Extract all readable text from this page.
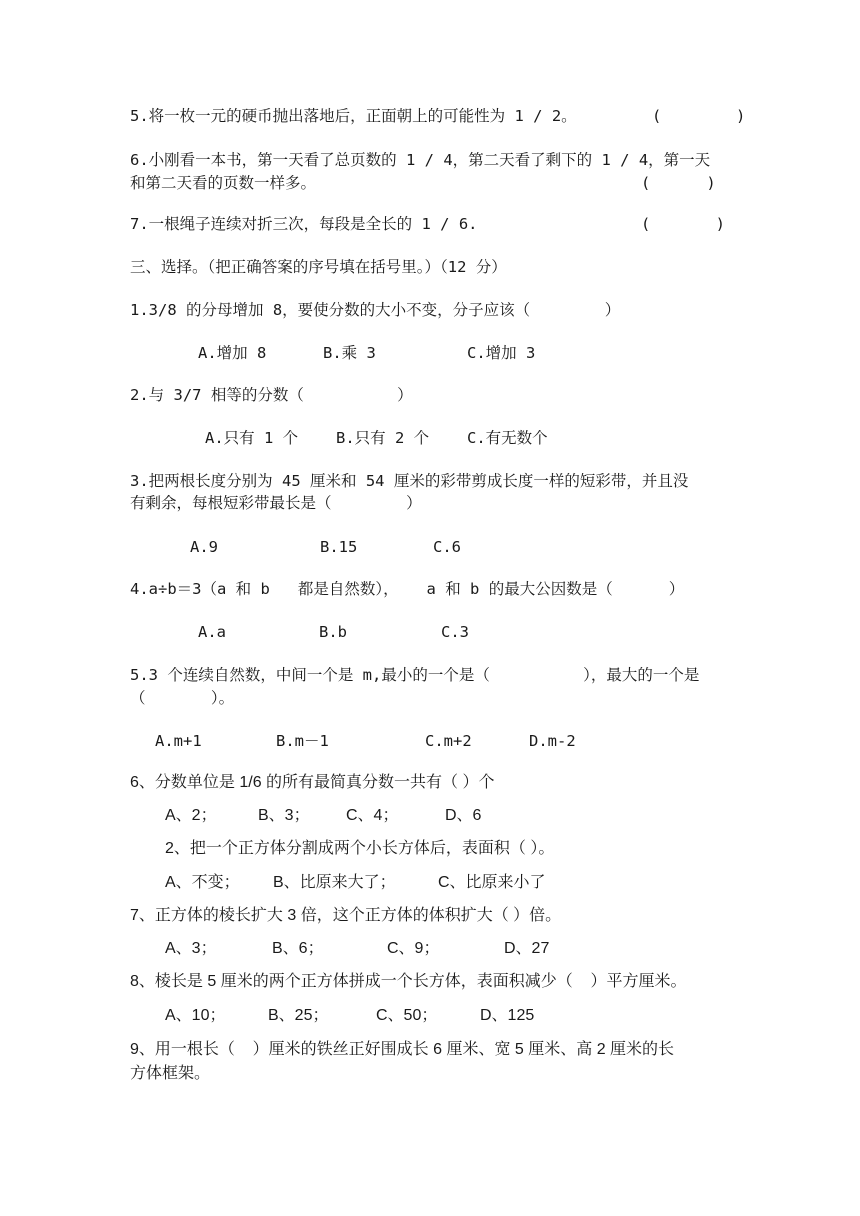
5.将一枚一元的硬币抛出落地后，正面朝上的可能性为 1 / 2。	(        )
6.小刚看一本书，第一天看了总页数的 1 / 4，第二天看了剩下的 1 / 4，第一天
和第二天看的页数一样多。	(      )
7.一根绳子连续对折三次，每段是全长的 1 / 6.	(       )
三、选择。（把正确答案的序号填在括号里。）（12 分）
1.3/8 的分母增加 8，要使分数的大小不变，分子应该（        ）
A.增加 8	B.乘 3	C.增加 3
2.与 3/7 相等的分数（          ）
A.只有 1 个 B.只有 2 个 C.有无数个
3.把两根长度分别为 45 厘米和 54 厘米的彩带剪成长度一样的短彩带，并且没
有剩余，每根短彩带最长是（        ）
A.9	B.15	C.6
4.a÷b＝3（a 和 b   都是自然数），   a 和 b 的最大公因数是（      ）
A.a	B.b	C.3
5.3 个连续自然数，中间一个是 m,最小的一个是（          ），最大的一个是
（       ）。
A.m+1	B.m－1	C.m+2	D.m-2
6、分数单位是 1/6 的所有最简真分数一共有（ ）个
A、2；	B、3； C、4；	D、6
2、把一个正方体分割成两个小长方体后，表面积（ ）。
A、不变； B、比原来大了；	C、比原来小了
7、正方体的棱长扩大 3 倍，这个正方体的体积扩大（ ）倍。
A、3；	B、6；	C、9；	D、27
8、棱长是 5 厘米的两个正方体拼成一个长方体，表面积减少（    ）平方厘米。
A、10；	B、25；	C、50；	D、125
9、用一根长（    ）厘米的铁丝正好围成长 6 厘米、宽 5 厘米、高 2 厘米的长
方体框架。
